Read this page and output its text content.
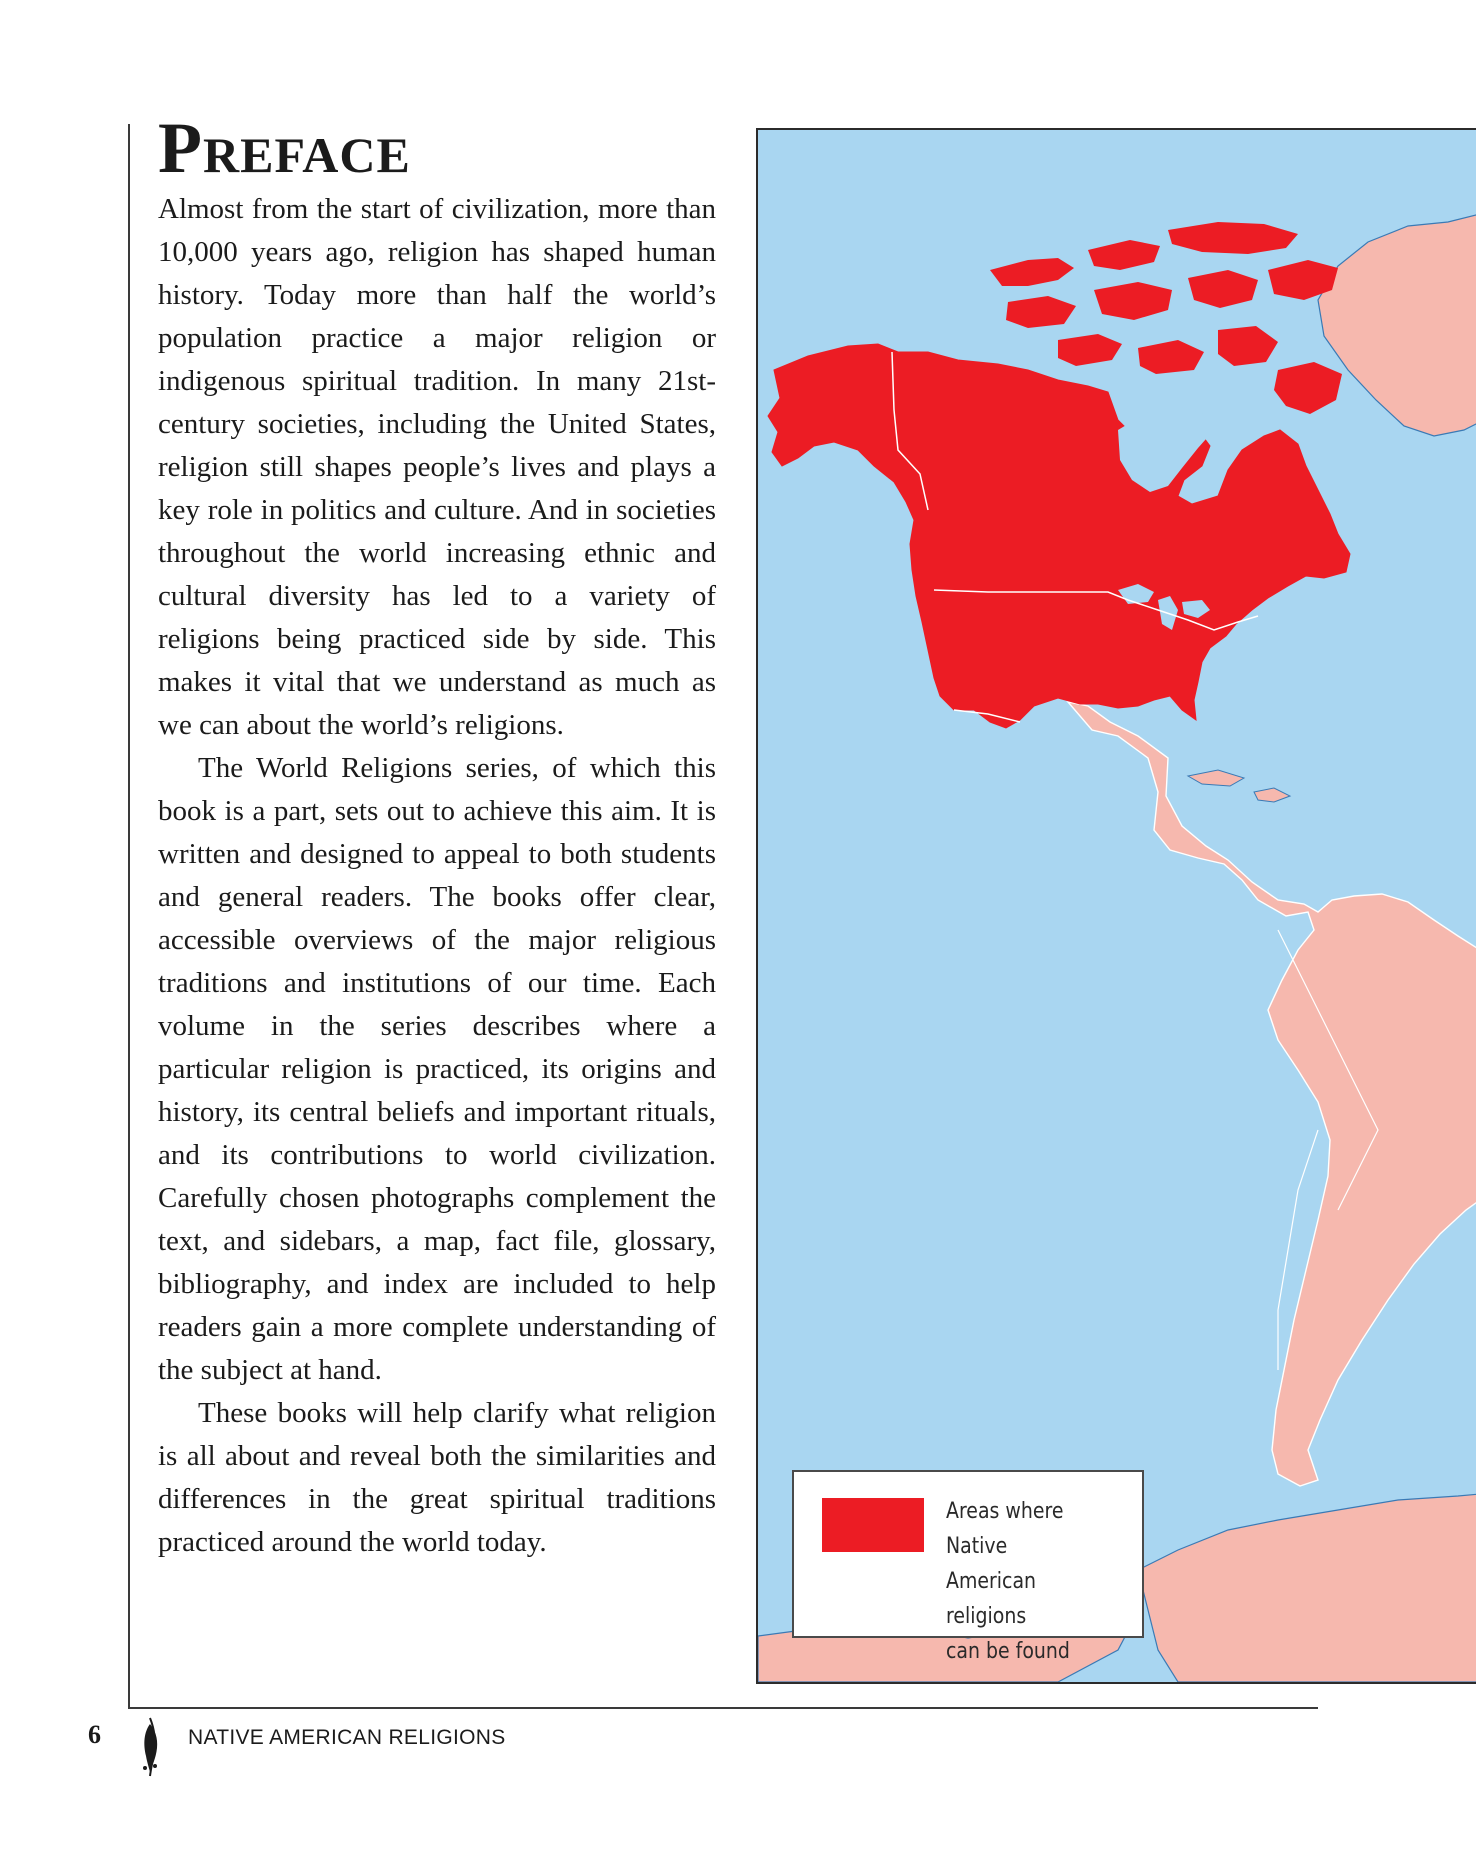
Preface

Almost from the start of civilization, more than 10,000 years ago, religion has shaped human history. Today more than half the world’s population practice a major religion or indigenous spiritual tradition. In many 21st-century societies, including the United States, religion still shapes people’s lives and plays a key role in politics and culture. And in societies throughout the world increasing ethnic and cultural diversity has led to a variety of religions being practiced side by side. This makes it vital that we understand as much as we can about the world’s religions.

The World Religions series, of which this book is a part, sets out to achieve this aim. It is written and designed to appeal to both students and general readers. The books offer clear, accessible overviews of the major religious traditions and institutions of our time. Each volume in the series describes where a particular religion is practiced, its origins and history, its central beliefs and important rituals, and its contributions to world civilization. Carefully chosen photographs complement the text, and sidebars, a map, fact file, glossary, bibliography, and index are included to help readers gain a more complete understanding of the subject at hand.

These books will help clarify what religion is all about and reveal both the similarities and differences in the great spiritual traditions practiced around the world today.

Areas where Native
American religions
can be found
6	NATIVE AMERICAN RELIGIONS
